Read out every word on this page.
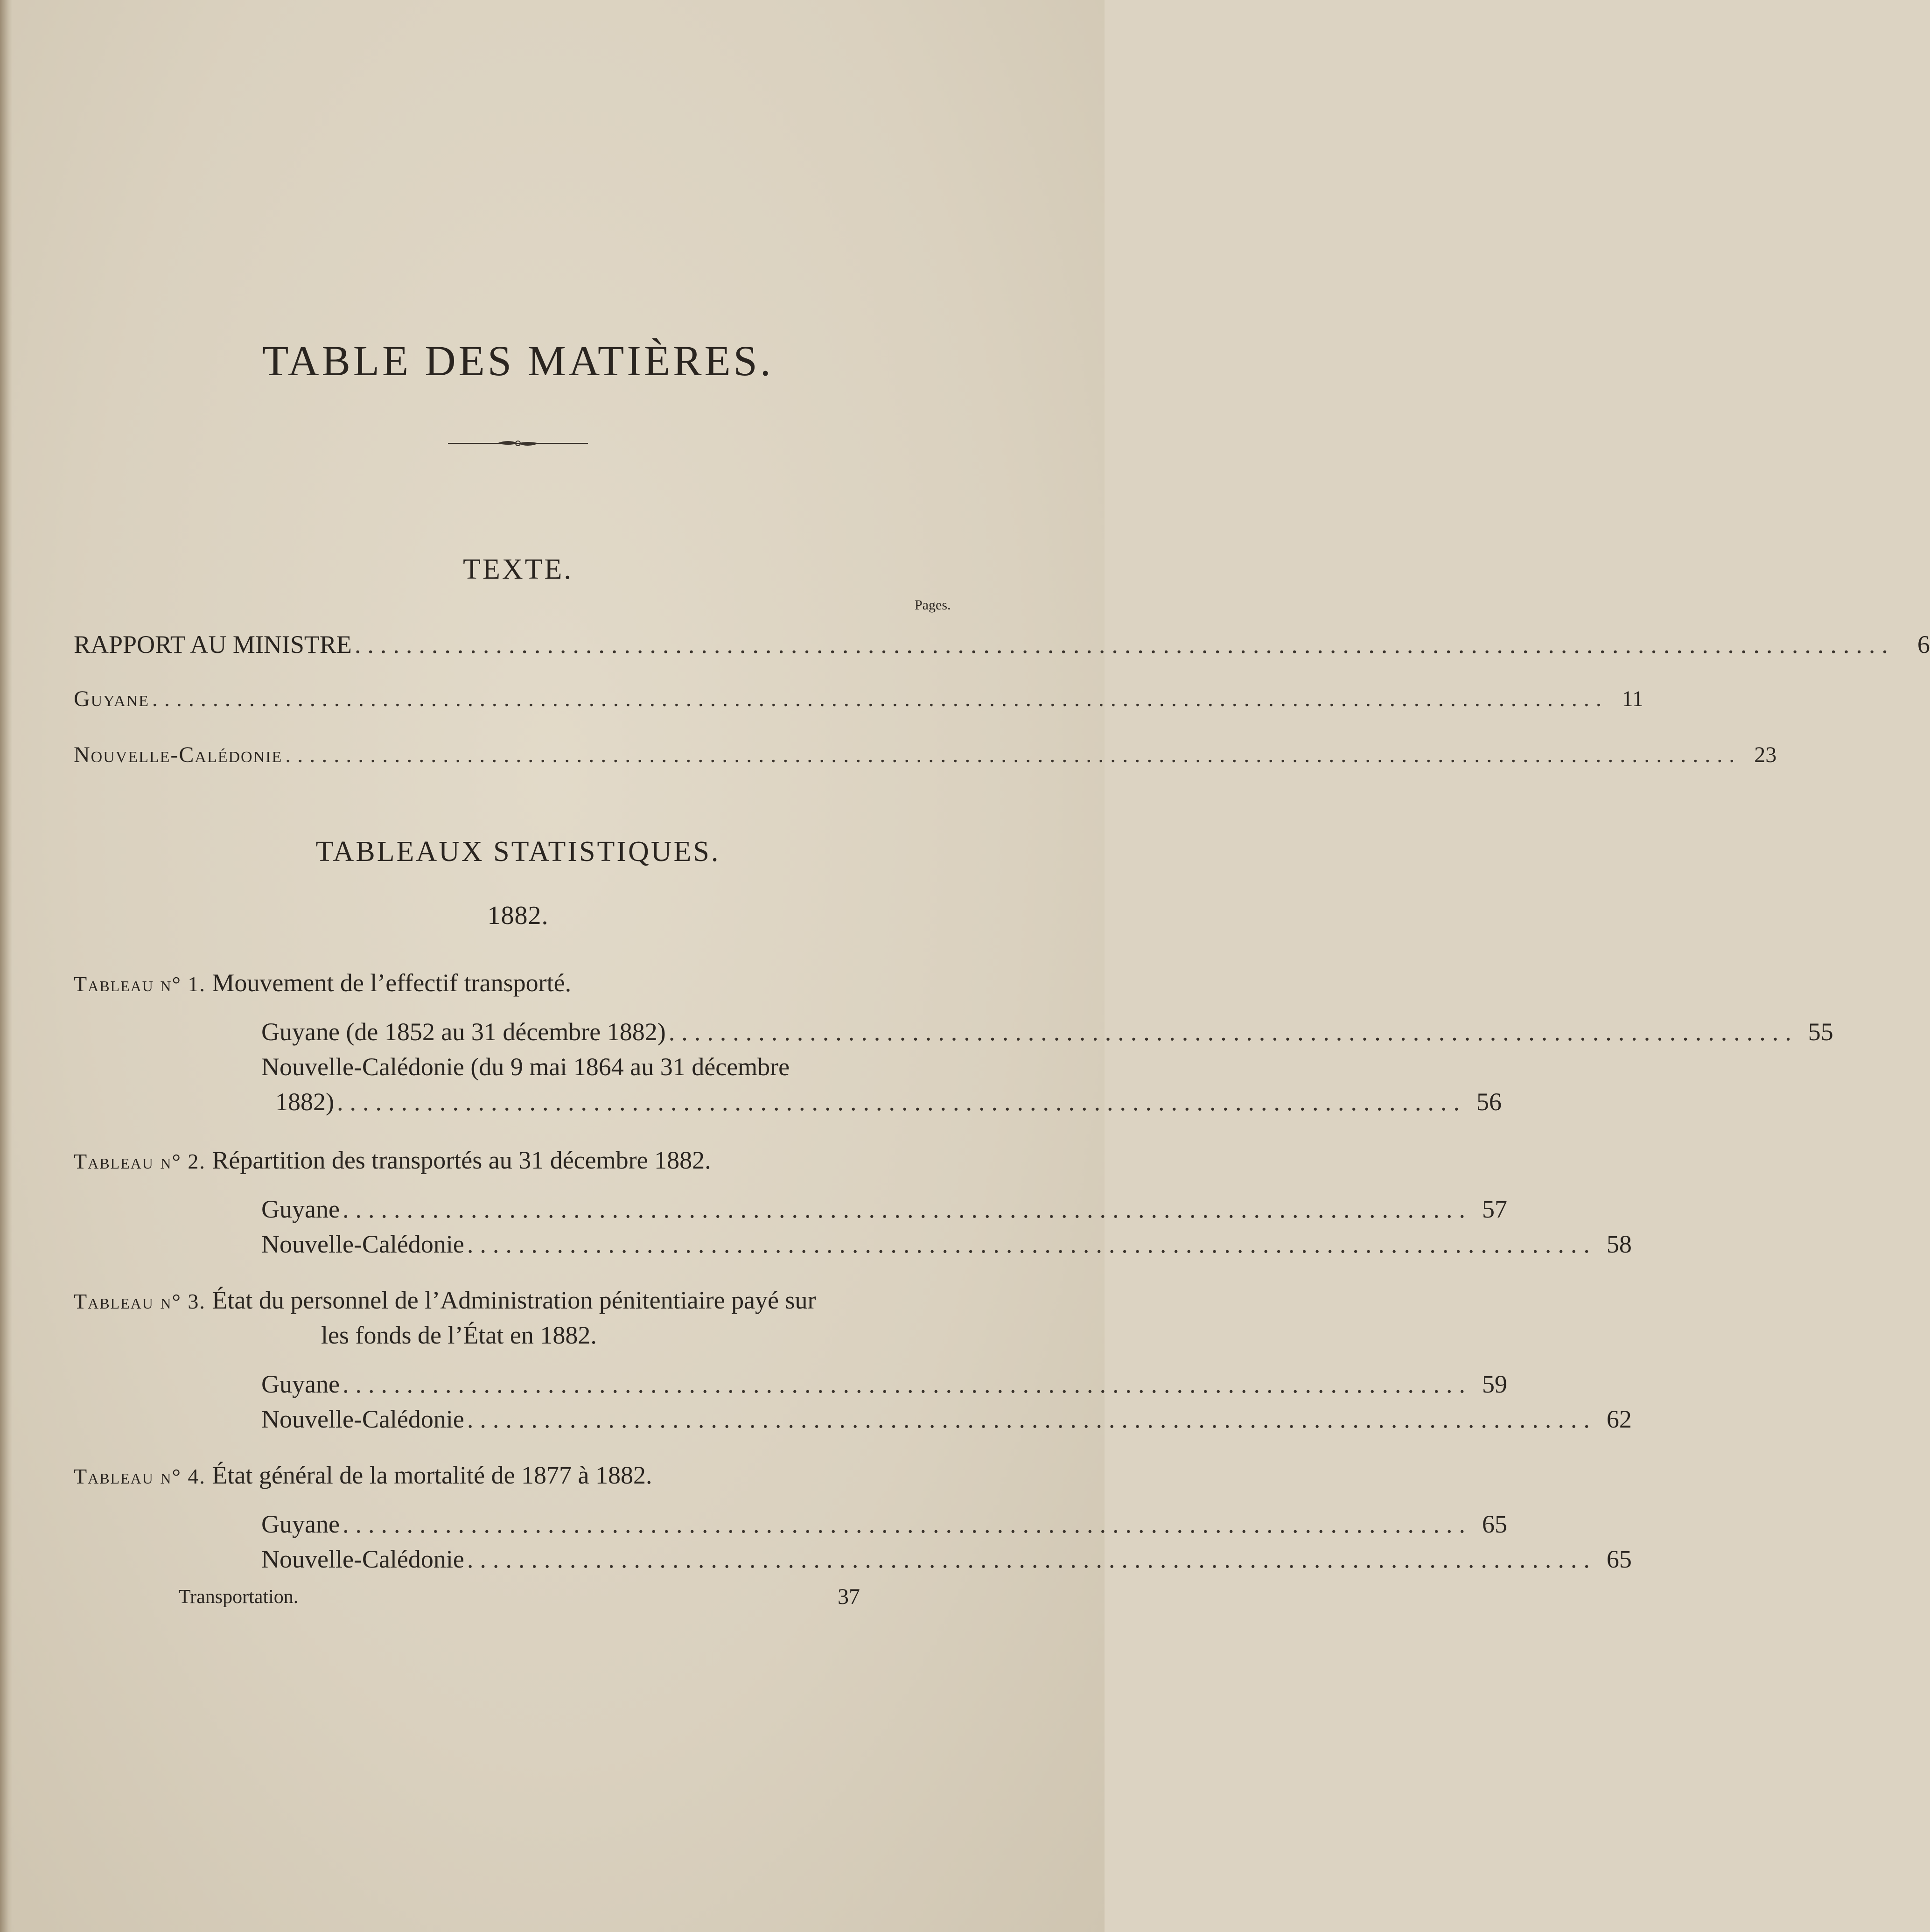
TABLE DES MATIÈRES.
TEXTE.
Pages.
RAPPORT AU MINISTRE ........................................................................................................................ 6
Guyane ........................................................................................................................ 11
Nouvelle-Calédonie ........................................................................................................................ 23
TABLEAUX STATISTIQUES.
1882.
Tableau n° 1. Mouvement de l’effectif transporté.
Guyane (de 1852 au 31 décembre 1882) ........................................................................................ 55
Nouvelle-Calédonie (du 9 mai 1864 au 31 décembre
1882) ........................................................................................ 56
Tableau n° 2. Répartition des transportés au 31 décembre 1882.
Guyane ........................................................................................ 57
Nouvelle-Calédonie ........................................................................................ 58
Tableau n° 3. État du personnel de l’Administration pénitentiaire payé sur
les fonds de l’État en 1882.
Guyane ........................................................................................ 59
Nouvelle-Calédonie ........................................................................................ 62
Tableau n° 4. État général de la mortalité de 1877 à 1882.
Guyane ........................................................................................ 65
Nouvelle-Calédonie ........................................................................................ 65
Transportation.	37
